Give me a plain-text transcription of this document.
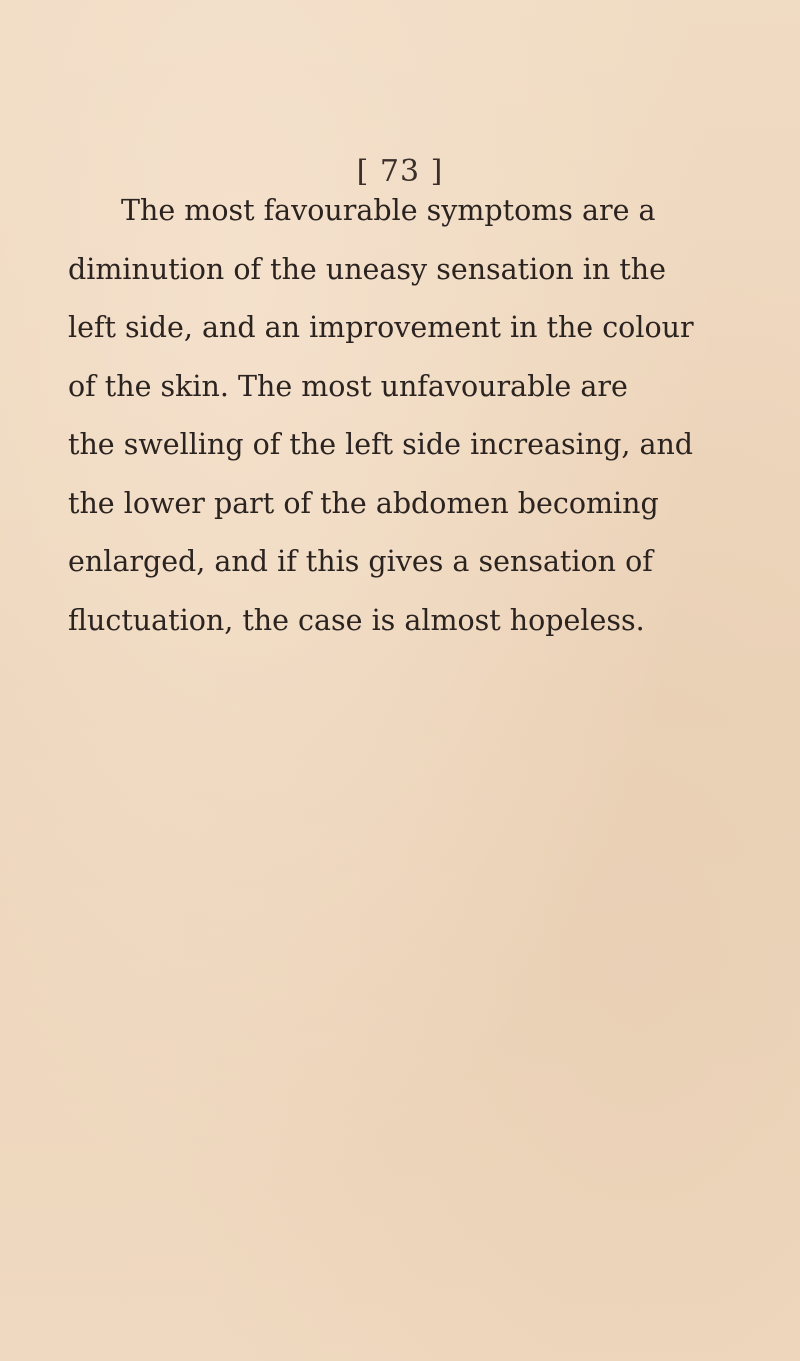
[ 73 ]
The most favourable symptoms are a
diminution of the uneasy sensation in the
left side, and an improvement in the colour
of the skin. The most unfavourable are
the swelling of the left side increasing, and
the lower part of the abdomen becoming
enlarged, and if this gives a sensation of
fluctuation, the case is almost hopeless.
